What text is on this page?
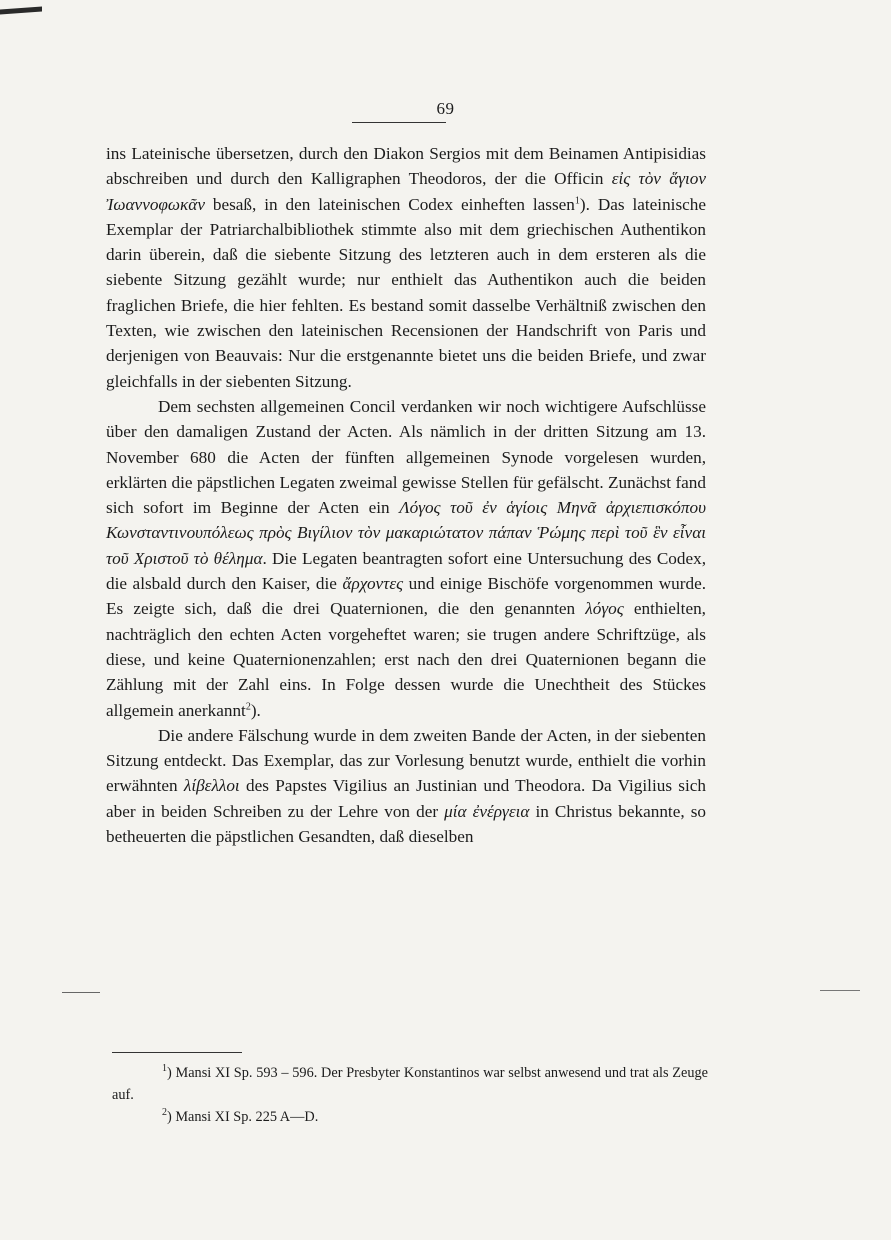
69

ins Lateinische übersetzen, durch den Diakon Sergios mit dem Beinamen Antipisidias abschreiben und durch den Kalligraphen Theodoros, der die Officin εἰς τὸν ἅγιον Ἰωαννοφωκᾶν besaß, in den lateinischen Codex einheften lassen$^1$). Das lateinische Exemplar der Patriarchalbibliothek stimmte also mit dem griechischen Authentikon darin überein, daß die siebente Sitzung des letzteren auch in dem ersteren als die siebente Sitzung gezählt wurde; nur enthielt das Authentikon auch die beiden fraglichen Briefe, die hier fehlten. Es bestand somit dasselbe Verhältniß zwischen den Texten, wie zwischen den lateinischen Recensionen der Handschrift von Paris und derjenigen von Beauvais: Nur die erstgenannte bietet uns die beiden Briefe, und zwar gleichfalls in der siebenten Sitzung.

Dem sechsten allgemeinen Concil verdanken wir noch wichtigere Aufschlüsse über den damaligen Zustand der Acten. Als nämlich in der dritten Sitzung am 13. November 680 die Acten der fünften allgemeinen Synode vorgelesen wurden, erklärten die päpstlichen Legaten zweimal gewisse Stellen für gefälscht. Zunächst fand sich sofort im Beginne der Acten ein Λόγος τοῦ ἐν ἁγίοις Μηνᾶ ἀρχιεπισκόπου Κωνσταντινουπόλεως πρὸς Βιγίλιον τὸν μακαριώτατον πάπαν Ῥώμης περὶ τοῦ ἓν εἶναι τοῦ Χριστοῦ τὸ θέλημα. Die Legaten beantragten sofort eine Untersuchung des Codex, die alsbald durch den Kaiser, die ἄρχοντες und einige Bischöfe vorgenommen wurde. Es zeigte sich, daß die drei Quaternionen, die den genannten λόγος enthielten, nachträglich den echten Acten vorgeheftet waren; sie trugen andere Schriftzüge, als diese, und keine Quaternionenzahlen; erst nach den drei Quaternionen begann die Zählung mit der Zahl eins. In Folge dessen wurde die Unechtheit des Stückes allgemein anerkannt$^2$).

Die andere Fälschung wurde in dem zweiten Bande der Acten, in der siebenten Sitzung entdeckt. Das Exemplar, das zur Vorlesung benutzt wurde, enthielt die vorhin erwähnten λίβελλοι des Papstes Vigilius an Justinian und Theodora. Da Vigilius sich aber in beiden Schreiben zu der Lehre von der μία ἐνέργεια in Christus bekannte, so betheuerten die päpstlichen Gesandten, daß dieselben

$^1$) Mansi XI Sp. 593 – 596. Der Presbyter Konstantinos war selbst anwesend und trat als Zeuge auf.

$^2$) Mansi XI Sp. 225 A—D.
